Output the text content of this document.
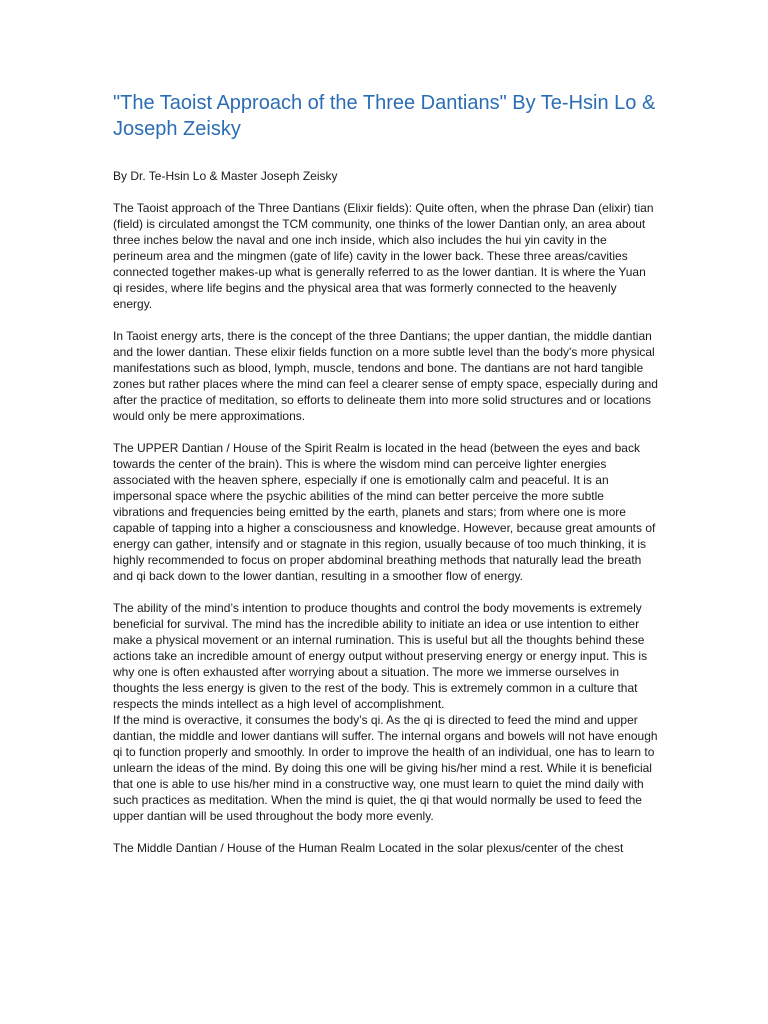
"The Taoist Approach of the Three Dantians" By Te-Hsin Lo & Joseph Zeisky

By Dr. Te-Hsin Lo & Master Joseph Zeisky

The Taoist approach of the Three Dantians (Elixir fields): Quite often, when the phrase Dan (elixir) tian (field) is circulated amongst the TCM community, one thinks of the lower Dantian only, an area about three inches below the naval and one inch inside, which also includes the hui yin cavity in the perineum area and the mingmen (gate of life) cavity in the lower back. These three areas/cavities connected together makes-up what is generally referred to as the lower dantian. It is where the Yuan qi resides, where life begins and the physical area that was formerly connected to the heavenly energy.

In Taoist energy arts, there is the concept of the three Dantians; the upper dantian, the middle dantian and the lower dantian. These elixir fields function on a more subtle level than the body's more physical manifestations such as blood, lymph, muscle, tendons and bone. The dantians are not hard tangible zones but rather places where the mind can feel a clearer sense of empty space, especially during and after the practice of meditation, so efforts to delineate them into more solid structures and or locations would only be mere approximations.

The UPPER Dantian / House of the Spirit Realm is located in the head (between the eyes and back towards the center of the brain). This is where the wisdom mind can perceive lighter energies associated with the heaven sphere, especially if one is emotionally calm and peaceful. It is an impersonal space where the psychic abilities of the mind can better perceive the more subtle vibrations and frequencies being emitted by the earth, planets and stars; from where one is more capable of tapping into a higher a consciousness and knowledge. However, because great amounts of energy can gather, intensify and or stagnate in this region, usually because of too much thinking, it is highly recommended to focus on proper abdominal breathing methods that naturally lead the breath and qi back down to the lower dantian, resulting in a smoother flow of energy.

The ability of the mind’s intention to produce thoughts and control the body movements is extremely beneficial for survival. The mind has the incredible ability to initiate an idea or use intention to either make a physical movement or an internal rumination. This is useful but all the thoughts behind these actions take an incredible amount of energy output without preserving energy or energy input. This is why one is often exhausted after worrying about a situation. The more we immerse ourselves in thoughts the less energy is given to the rest of the body. This is extremely common in a culture that respects the minds intellect as a high level of accomplishment.

If the mind is overactive, it consumes the body’s qi. As the qi is directed to feed the mind and upper dantian, the middle and lower dantians will suffer. The internal organs and bowels will not have enough qi to function properly and smoothly. In order to improve the health of an individual, one has to learn to unlearn the ideas of the mind. By doing this one will be giving his/her mind a rest. While it is beneficial that one is able to use his/her mind in a constructive way, one must learn to quiet the mind daily with such practices as meditation. When the mind is quiet, the qi that would normally be used to feed the upper dantian will be used throughout the body more evenly.

The Middle Dantian / House of the Human Realm Located in the solar plexus/center of the chest
